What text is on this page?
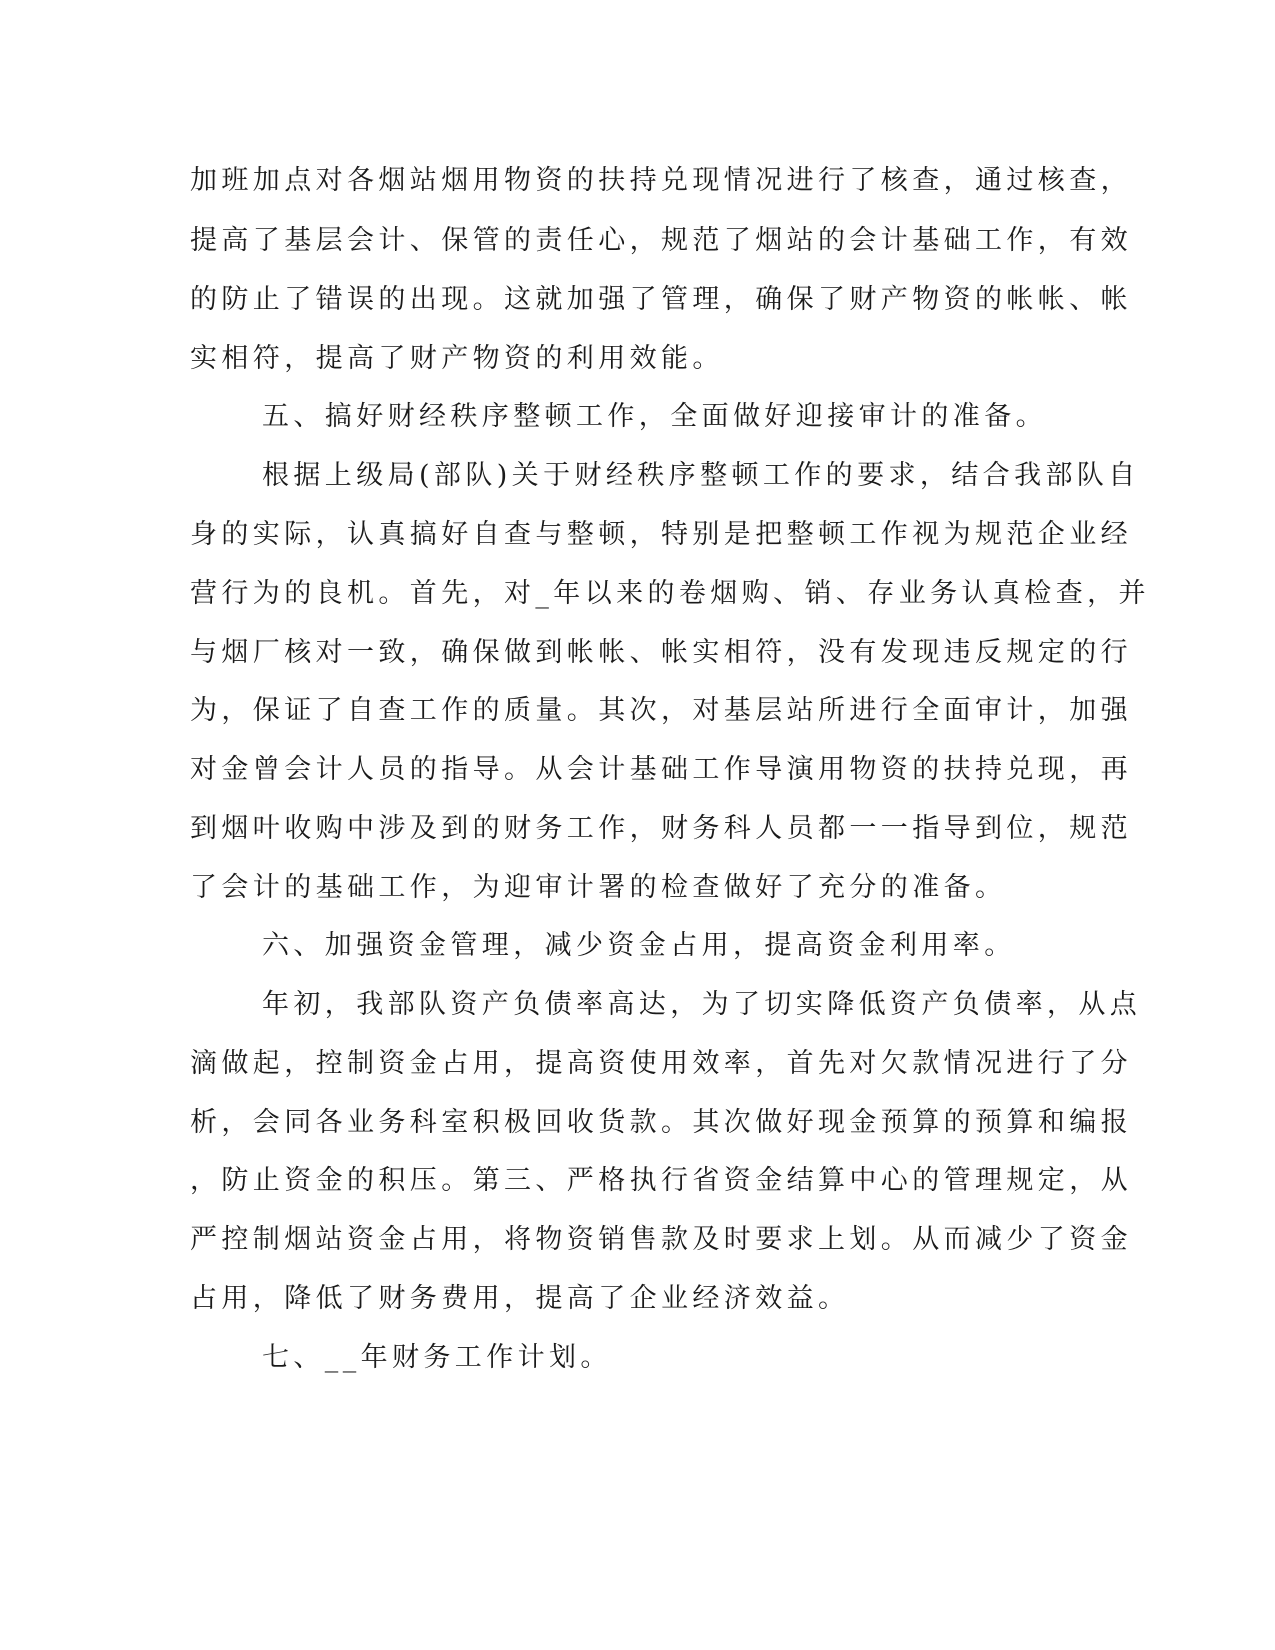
加班加点对各烟站烟用物资的扶持兑现情况进行了核查，通过核查，
提高了基层会计、保管的责任心，规范了烟站的会计基础工作，有效
的防止了错误的出现。这就加强了管理，确保了财产物资的帐帐、帐
实相符，提高了财产物资的利用效能。
五、搞好财经秩序整顿工作，全面做好迎接审计的准备。
根据上级局(部队)关于财经秩序整顿工作的要求，结合我部队自
身的实际，认真搞好自查与整顿，特别是把整顿工作视为规范企业经
营行为的良机。首先，对_年以来的卷烟购、销、存业务认真检查，并
与烟厂核对一致，确保做到帐帐、帐实相符，没有发现违反规定的行
为，保证了自查工作的质量。其次，对基层站所进行全面审计，加强
对金曾会计人员的指导。从会计基础工作导演用物资的扶持兑现，再
到烟叶收购中涉及到的财务工作，财务科人员都一一指导到位，规范
了会计的基础工作，为迎审计署的检查做好了充分的准备。
六、加强资金管理，减少资金占用，提高资金利用率。
年初，我部队资产负债率高达，为了切实降低资产负债率，从点
滴做起，控制资金占用，提高资使用效率，首先对欠款情况进行了分
析，会同各业务科室积极回收货款。其次做好现金预算的预算和编报
，防止资金的积压。第三、严格执行省资金结算中心的管理规定，从
严控制烟站资金占用，将物资销售款及时要求上划。从而减少了资金
占用，降低了财务费用，提高了企业经济效益。
七、__年财务工作计划。
